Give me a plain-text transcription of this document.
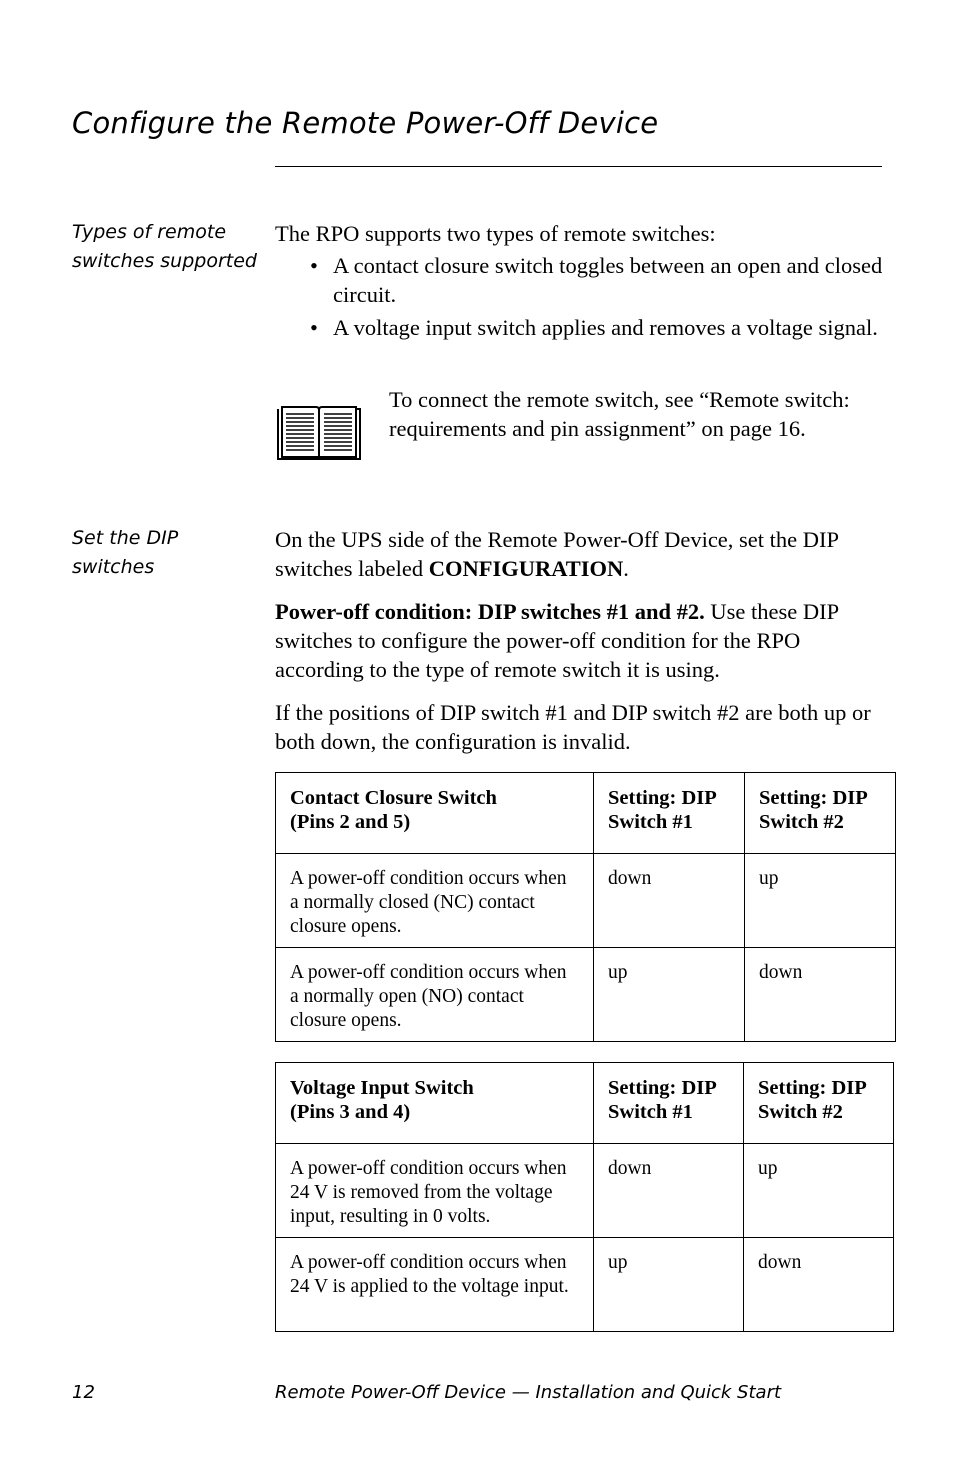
Configure the Remote Power-Off Device

Types of remote switches supported

The RPO supports two types of remote switches:

• A contact closure switch toggles between an open and closed circuit.
• A voltage input switch applies and removes a voltage signal.

To connect the remote switch, see “Remote switch: requirements and pin assignment” on page 16.

Set the DIP switches

On the UPS side of the Remote Power-Off Device, set the DIP switches labeled CONFIGURATION.

Power-off condition: DIP switches #1 and #2. Use these DIP switches to configure the power-off condition for the RPO according to the type of remote switch it is using.

If the positions of DIP switch #1 and DIP switch #2 are both up or both down, the configuration is invalid.

Contact Closure Switch
(Pins 2 and 5)	Setting: DIP Switch #1	Setting: DIP Switch #2
A power-off condition occurs when a normally closed (NC) contact closure opens.	down	up
A power-off condition occurs when a normally open (NO) contact closure opens.	up	down
Voltage Input Switch
(Pins 3 and 4)	Setting: DIP Switch #1	Setting: DIP Switch #2
A power-off condition occurs when 24 V is removed from the voltage input, resulting in 0 volts.	down	up
A power-off condition occurs when 24 V is applied to the voltage input.	up	down

12	Remote Power-Off Device — Installation and Quick Start
